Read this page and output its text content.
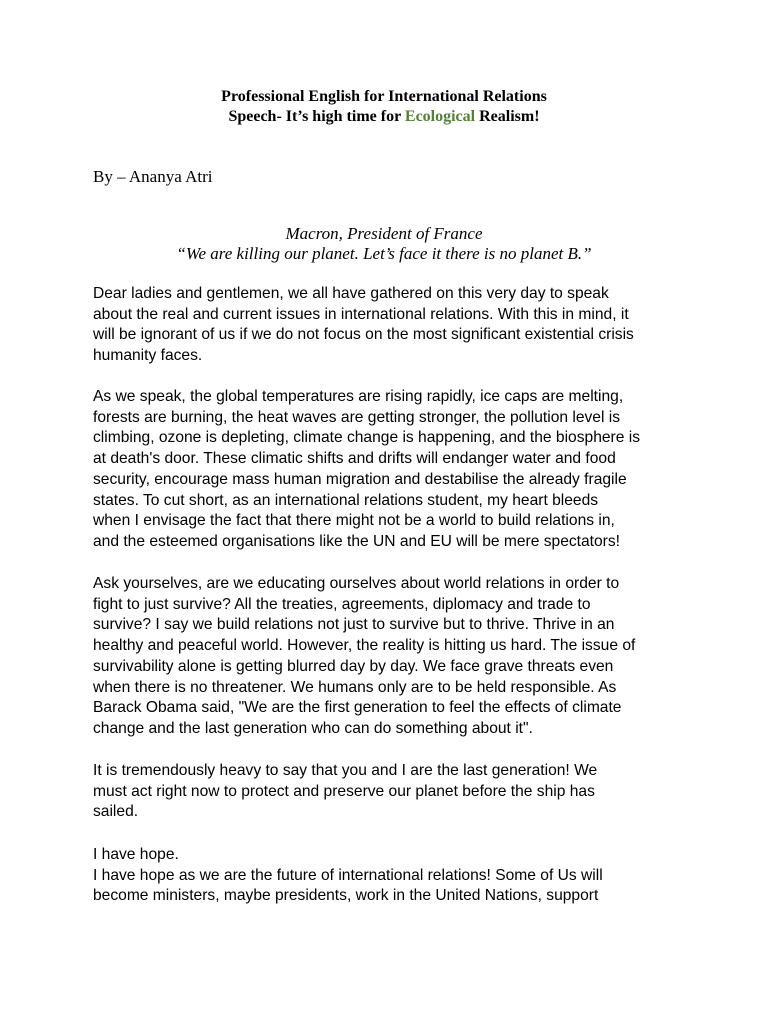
Professional English for International Relations
Speech- It’s high time for Ecological Realism!
By – Ananya Atri
Macron, President of France
“We are killing our planet. Let’s face it there is no planet B.”
Dear ladies and gentlemen, we all have gathered on this very day to speak
about the real and current issues in international relations. With this in mind, it
will be ignorant of us if we do not focus on the most significant existential crisis
humanity faces.
As we speak, the global temperatures are rising rapidly, ice caps are melting,
forests are burning, the heat waves are getting stronger, the pollution level is
climbing, ozone is depleting, climate change is happening, and the biosphere is
at death's door. These climatic shifts and drifts will endanger water and food
security, encourage mass human migration and destabilise the already fragile
states. To cut short, as an international relations student, my heart bleeds
when I envisage the fact that there might not be a world to build relations in,
and the esteemed organisations like the UN and EU will be mere spectators!
Ask yourselves, are we educating ourselves about world relations in order to
fight to just survive? All the treaties, agreements, diplomacy and trade to
survive? I say we build relations not just to survive but to thrive. Thrive in an
healthy and peaceful world. However, the reality is hitting us hard. The issue of
survivability alone is getting blurred day by day. We face grave threats even
when there is no threatener. We humans only are to be held responsible. As
Barack Obama said, "We are the first generation to feel the effects of climate
change and the last generation who can do something about it".
It is tremendously heavy to say that you and I are the last generation! We
must act right now to protect and preserve our planet before the ship has
sailed.
I have hope.
I have hope as we are the future of international relations! Some of Us will
become ministers, maybe presidents, work in the United Nations, support
